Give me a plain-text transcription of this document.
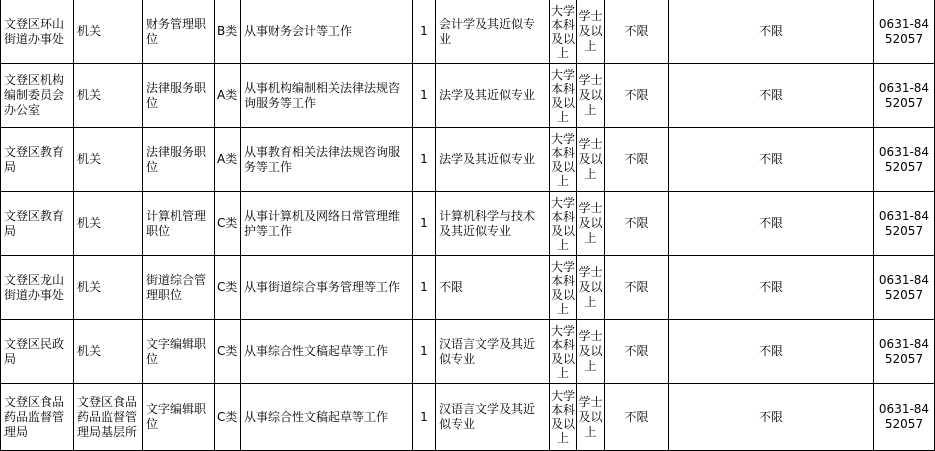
文登区环山街道办事处	机关	财务管理职位	B类	从事财务会计等工作	1	会计学及其近似专业	大学本科及以上	学士及以上	不限	不限	0631-8452057
文登区机构编制委员会办公室	机关	法律服务职位	A类	从事机构编制相关法律法规咨询服务等工作	1	法学及其近似专业	大学本科及以上	学士及以上	不限	不限	0631-8452057
文登区教育局	机关	法律服务职位	A类	从事教育相关法律法规咨询服务等工作	1	法学及其近似专业	大学本科及以上	学士及以上	不限	不限	0631-8452057
文登区教育局	机关	计算机管理职位	C类	从事计算机及网络日常管理维护等工作	1	计算机科学与技术及其近似专业	大学本科及以上	学士及以上	不限	不限	0631-8452057
文登区龙山街道办事处	机关	街道综合管理职位	C类	从事街道综合事务管理等工作	1	不限	大学本科及以上	学士及以上	不限	不限	0631-8452057
文登区民政局	机关	文字编辑职位	C类	从事综合性文稿起草等工作	1	汉语言文学及其近似专业	大学本科及以上	学士及以上	不限	不限	0631-8452057
文登区食品药品监督管理局	文登区食品药品监督管理局基层所	文字编辑职位	C类	从事综合性文稿起草等工作	1	汉语言文学及其近似专业	大学本科及以上	学士及以上	不限	不限	0631-8452057
